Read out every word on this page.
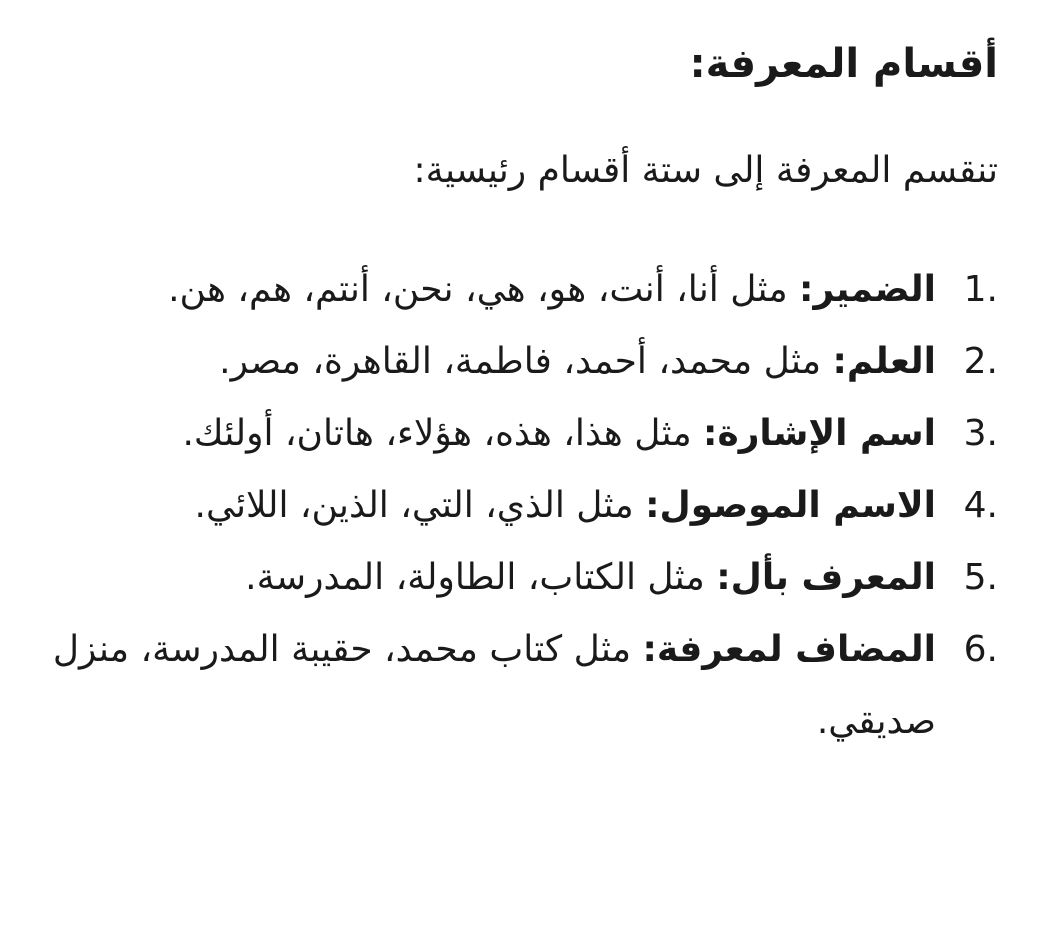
أقسام المعرفة:

تنقسم المعرفة إلى ستة أقسام رئيسية:

1.
الضمير: مثل أنا، أنت، هو، هي، نحن، أنتم، هم، هن.
2.
العلم: مثل محمد، أحمد، فاطمة، القاهرة، مصر.
3.
اسم الإشارة: مثل هذا، هذه، هؤلاء، هاتان، أولئك.
4.
الاسم الموصول: مثل الذي، التي، الذين، اللائي.
5.
المعرف بأل: مثل الكتاب، الطاولة، المدرسة.
6.
المضاف لمعرفة: مثل كتاب محمد، حقيبة المدرسة، منزل صديقي.
